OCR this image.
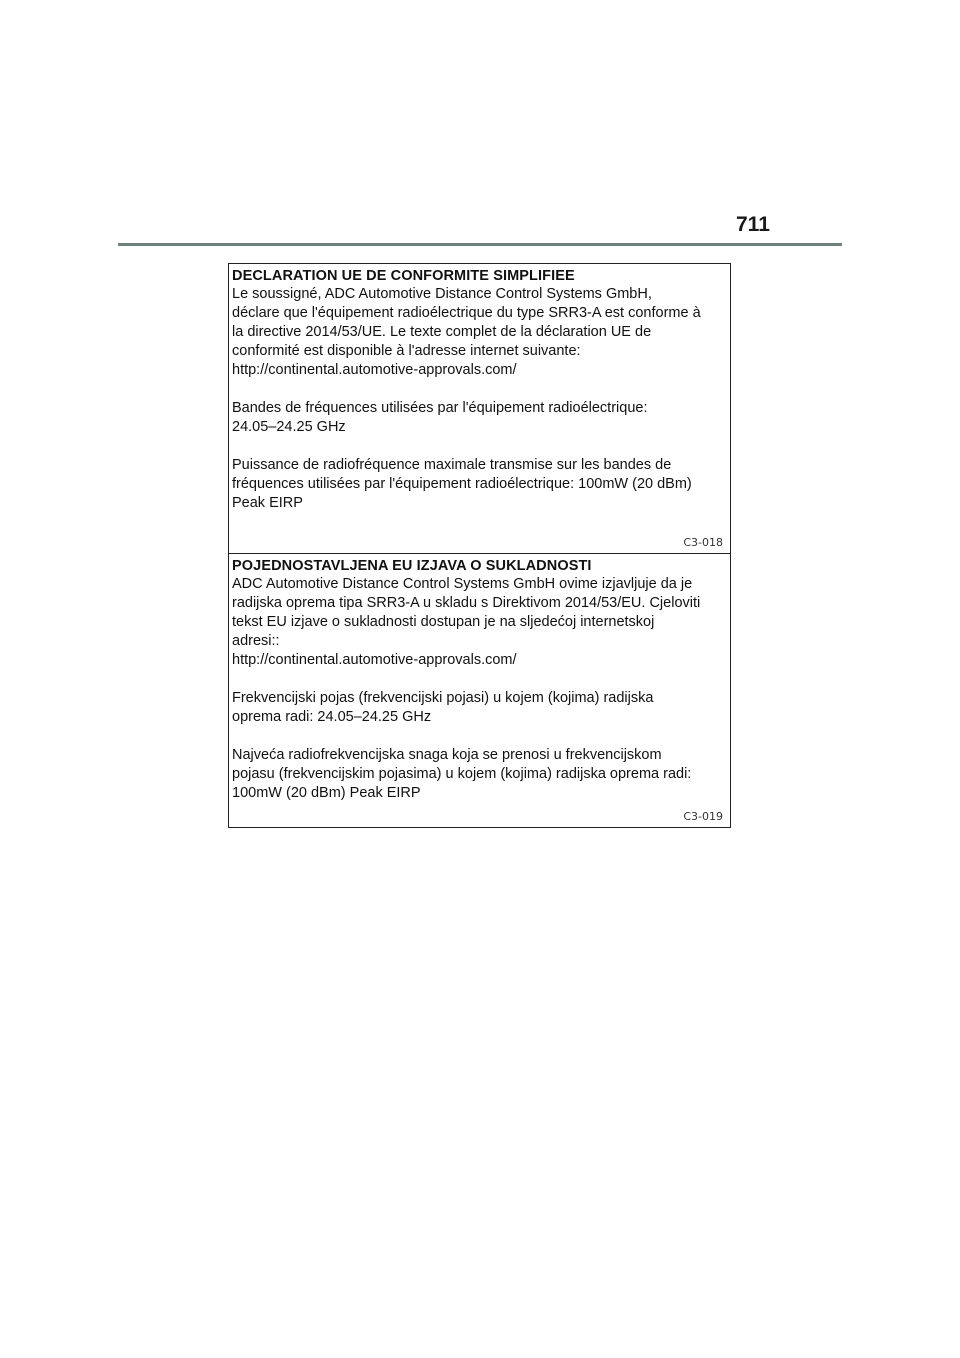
711
DECLARATION UE DE CONFORMITE SIMPLIFIEE
Le soussigné, ADC Automotive Distance Control Systems GmbH,
déclare que l'équipement radioélectrique du type SRR3-A est conforme à
la directive 2014/53/UE. Le texte complet de la déclaration UE de
conformité est disponible à l'adresse internet suivante:
http://continental.automotive-approvals.com/
Bandes de fréquences utilisées par l'équipement radioélectrique:
24.05–24.25 GHz
Puissance de radiofréquence maximale transmise sur les bandes de
fréquences utilisées par l'équipement radioélectrique: 100mW (20 dBm)
Peak EIRP
C3-018
POJEDNOSTAVLJENA EU IZJAVA O SUKLADNOSTI
ADC Automotive Distance Control Systems GmbH ovime izjavljuje da je
radijska oprema tipa SRR3-A u skladu s Direktivom 2014/53/EU. Cjeloviti
tekst EU izjave o sukladnosti dostupan je na sljedećoj internetskoj
adresi::
http://continental.automotive-approvals.com/
Frekvencijski pojas (frekvencijski pojasi) u kojem (kojima) radijska
oprema radi: 24.05–24.25 GHz
Najveća radiofrekvencijska snaga koja se prenosi u frekvencijskom
pojasu (frekvencijskim pojasima) u kojem (kojima) radijska oprema radi:
100mW (20 dBm) Peak EIRP
C3-019
